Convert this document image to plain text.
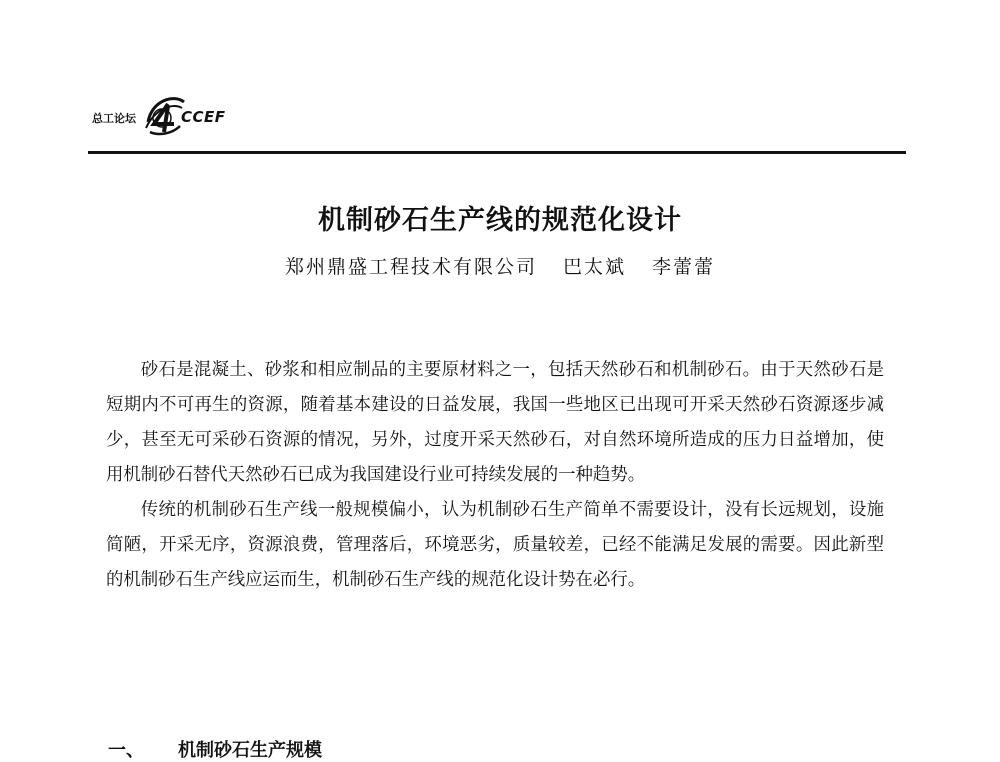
总工论坛	CCEF
机制砂石生产线的规范化设计
郑州鼎盛工程技术有限公司 巴太斌 李蕾蕾

砂石是混凝土、砂浆和相应制品的主要原材料之一，包括天然砂石和机制砂石。由于天然砂石是短期内不可再生的资源，随着基本建设的日益发展，我国一些地区已出现可开采天然砂石资源逐步减少，甚至无可采砂石资源的情况，另外，过度开采天然砂石，对自然环境所造成的压力日益增加，使用机制砂石替代天然砂石已成为我国建设行业可持续发展的一种趋势。

传统的机制砂石生产线一般规模偏小，认为机制砂石生产简单不需要设计，没有长远规划，设施简陋，开采无序，资源浪费，管理落后，环境恶劣，质量较差，已经不能满足发展的需要。因此新型的机制砂石生产线应运而生，机制砂石生产线的规范化设计势在必行。

一、 机制砂石生产规模
